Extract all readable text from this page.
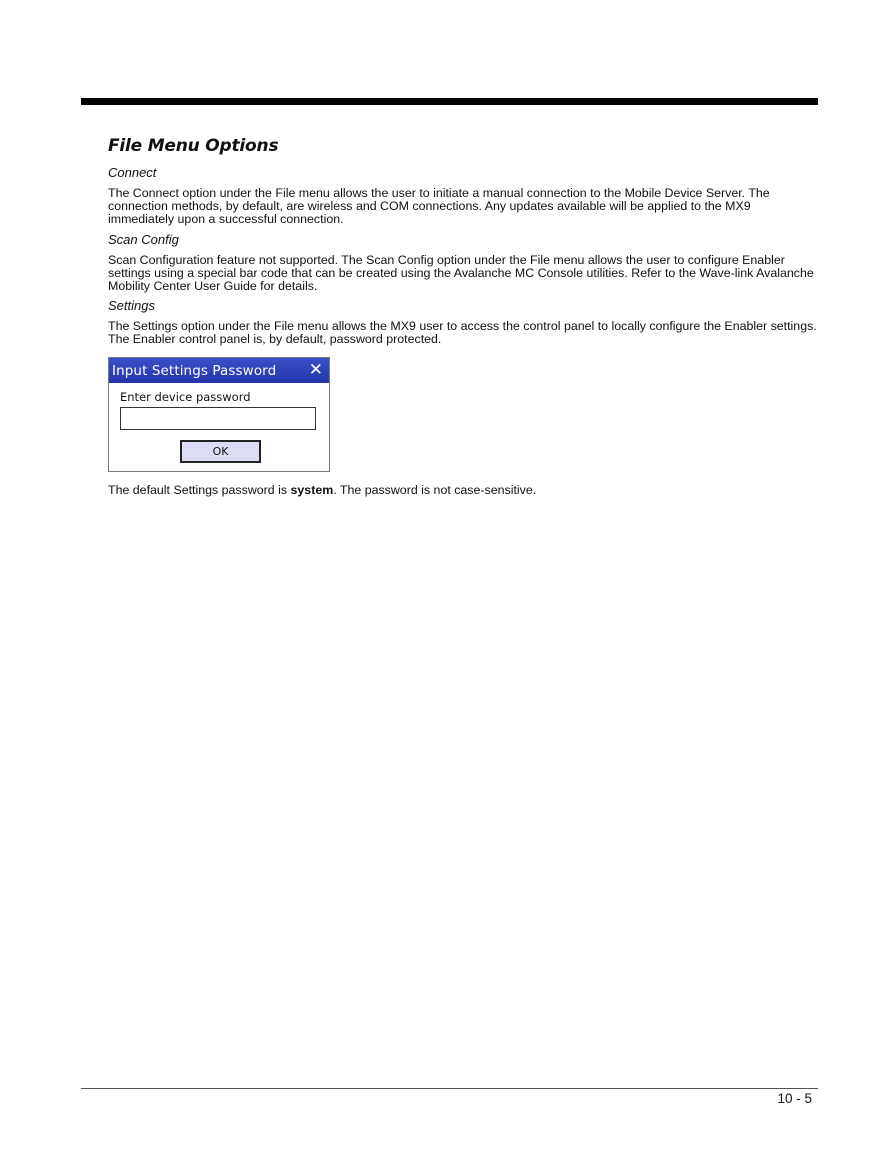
File Menu Options
Connect

The Connect option under the File menu allows the user to initiate a manual connection to the Mobile Device Server. The connection methods, by default, are wireless and COM connections. Any updates available will be applied to the MX9 immediately upon a successful connection.

Scan Config

Scan Configuration feature not supported. The Scan Config option under the File menu allows the user to configure Enabler settings using a special bar code that can be created using the Avalanche MC Console utilities. Refer to the Wave-link Avalanche Mobility Center User Guide for details.

Settings

The Settings option under the File menu allows the MX9 user to access the control panel to locally configure the Enabler settings. The Enabler control panel is, by default, password protected.

Input Settings Password ✕
Enter device password
OK
The default Settings password is system. The password is not case-sensitive.
10 - 5
